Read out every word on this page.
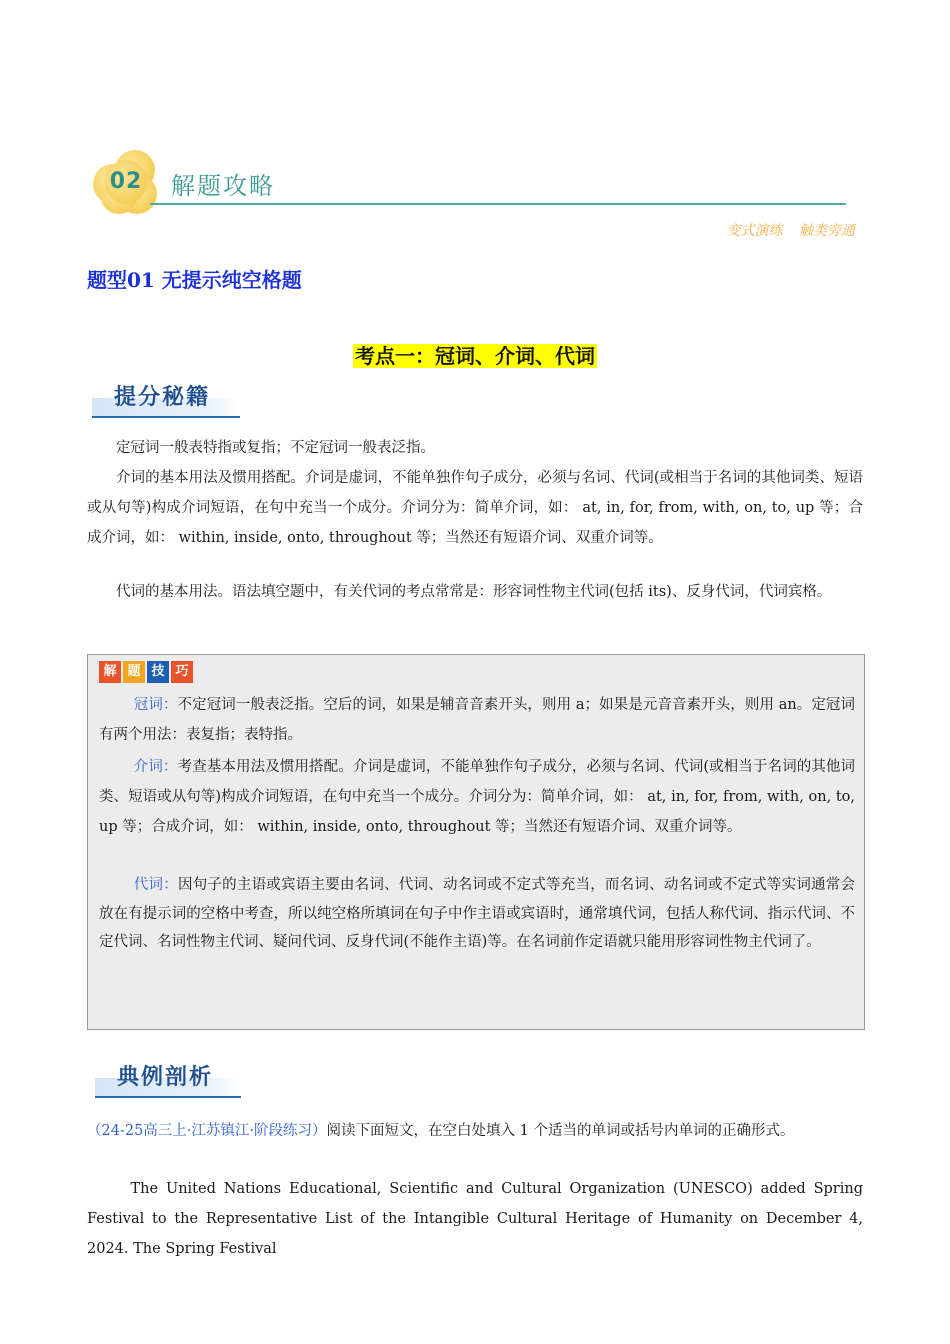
02 解题攻略
变式演练 触类旁通
题型01 无提示纯空格题
考点一：冠词、介词、代词
提分秘籍
定冠词一般表特指或复指；不定冠词一般表泛指。
介词的基本用法及惯用搭配。介词是虚词，不能单独作句子成分，必须与名词、代词(或相当于名词的其他词类、短语或从句等)构成介词短语，在句中充当一个成分。介词分为：简单介词，如： at, in, for, from, with, on, to, up 等；合成介词，如： within, inside, onto, throughout 等；当然还有短语介词、双重介词等。
代词的基本用法。语法填空题中，有关代词的考点常常是：形容词性物主代词(包括 its)、反身代词，代词宾格。
解 题 技 巧
冠词：不定冠词一般表泛指。空后的词，如果是辅音音素开头，则用 a；如果是元音音素开头，则用 an。定冠词有两个用法：表复指；表特指。
介词：考查基本用法及惯用搭配。介词是虚词，不能单独作句子成分，必须与名词、代词(或相当于名词的其他词类、短语或从句等)构成介词短语，在句中充当一个成分。介词分为：简单介词，如： at, in, for, from, with, on, to, up 等；合成介词，如： within, inside, onto, throughout 等；当然还有短语介词、双重介词等。
代词：因句子的主语或宾语主要由名词、代词、动名词或不定式等充当，而名词、动名词或不定式等实词通常会放在有提示词的空格中考查，所以纯空格所填词在句子中作主语或宾语时，通常填代词，包括人称代词、指示代词、不定代词、名词性物主代词、疑问代词、反身代词(不能作主语)等。在名词前作定语就只能用形容词性物主代词了。
典例剖析
（24-25高三上·江苏镇江·阶段练习）阅读下面短文，在空白处填入 1 个适当的单词或括号内单词的正确形式。
The United Nations Educational, Scientific and Cultural Organization (UNESCO) added Spring Festival to the Representative List of the Intangible Cultural Heritage of Humanity on December 4, 2024. The Spring Festival
